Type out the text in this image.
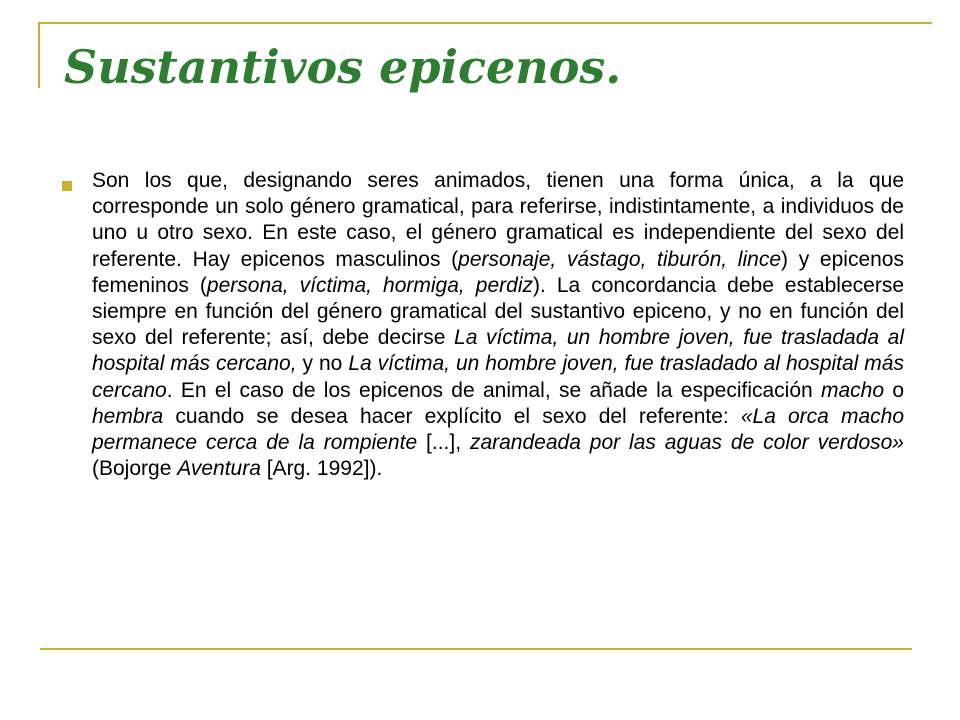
Sustantivos epicenos.

Son los que, designando seres animados, tienen una forma única, a la que corresponde un solo género gramatical, para referirse, indistintamente, a individuos de uno u otro sexo. En este caso, el género gramatical es independiente del sexo del referente. Hay epicenos masculinos (personaje, vástago, tiburón, lince) y epicenos femeninos (persona, víctima, hormiga, perdiz). La concordancia debe establecerse siempre en función del género gramatical del sustantivo epiceno, y no en función del sexo del referente; así, debe decirse La víctima, un hombre joven, fue trasladada al hospital más cercano, y no La víctima, un hombre joven, fue trasladado al hospital más cercano. En el caso de los epicenos de animal, se añade la especificación macho o hembra cuando se desea hacer explícito el sexo del referente: «La orca macho permanece cerca de la rompiente [...], zarandeada por las aguas de color verdoso» (Bojorge Aventura [Arg. 1992]).
